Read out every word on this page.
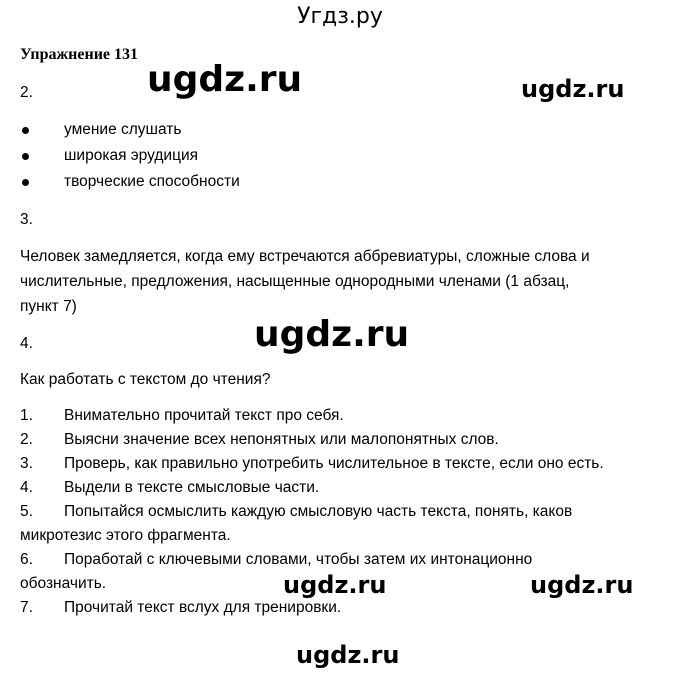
Угдз.ру
Упражнение 131
ugdz.ru	ugdz.ru
ugdz.ru
ugdz.ru	ugdz.ru
ugdz.ru
2.
умение слушать
широкая эрудиция
творческие способности
3.
Человек замедляется, когда ему встречаются аббревиатуры, сложные слова и
числительные, предложения, насыщенные однородными членами (1 абзац,
пункт 7)
4.
Как работать с текстом до чтения?
1. Внимательно прочитай текст про себя.
2. Выясни значение всех непонятных или малопонятных слов.
3. Проверь, как правильно употребить числительное в тексте, если оно есть.
4. Выдели в тексте смысловые части.
5. Попытайся осмыслить каждую смысловую часть текста, понять, каков
микротезис этого фрагмента.
6. Поработай с ключевыми словами, чтобы затем их интонационно
обозначить.
7. Прочитай текст вслух для тренировки.
